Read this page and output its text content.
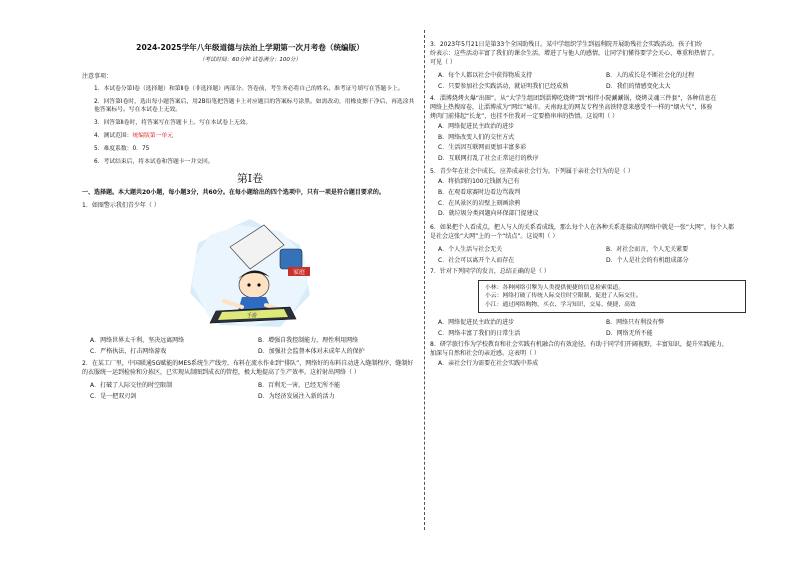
2024-2025学年八年级道德与法治上学期第一次月考卷（统编版）
（考试时间：60分钟 试卷满分：100分）
注意事项：

1．本试卷分第Ⅰ卷（选择题）和第Ⅱ卷（非选择题）两部分。答卷前，考生务必将自己的姓名、准考证号填写在答题卡上。

2．回答第Ⅰ卷时，选出每小题答案后，用2B铅笔把答题卡上对应题目的答案标号涂黑。如需改动，用橡皮擦干净后，再选涂其他答案标号。写在本试卷上无效。

3．回答第Ⅱ卷时，将答案写在答题卡上。写在本试卷上无效。

4．测试范围：统编版第一单元

5．难度系数：0．75

6．考试结束后，将本试卷和答题卡一并交回。

第Ⅰ卷

一、选择题。本大题共20小题，每小题3分，共60分。在每小题给出的四个选项中，只有一项是符合题目要求的。

1．如图警示我们青少年（ ）

家庭
手游
A．网络世界太千利，坚决远离网络	B．增强自我控制能力，理性利用网络
C．严格执法，打击网络游戏	D．加强社会监督本体对未成年人的保护

2．在某工厂里，中国联通5G赋能的MES系统生产线旁，布料在流水作业到“排队”，网络好的布料自动进入缝制程序，缝制好的衣服统一运到检验和分拣区，已实现从制图到成衣的管控，极大地提高了生产效率。这折射出网络（ ）

A．打破了人际交往的时空限制	B．百利无一害，已经无所不能
C．是一把双刃剑	D．为经济发展注入新的活力

3．2023年5月21日是第33个全国助残日。某中学组织学生到福利院开展助残社会实践活动。孩子们纷

纷表示：这些活动丰富了我们的课余生活，增进了与他人的感情，让同学们懂得要学会关心、尊重和热情了。

可见（ ）

A．每个人都以社会中获得物质支持	B．人的成长是不断社会化的过程
C．只要参加社会实践活动，就证明我们已经成熟	D．我们的情感变化太大

4．淄博烧烤火爆“出圈”。从“大学生组团到淄博吃烧烤”到“相伴小院涮涮锅，烧烤灵魂三件套”，各种信息在

网络上热搜席卷，让淄博成为“网红”城市。天南海北的网友专程坐高铁特意来感受不一样的“烟火气”，体验

烤肉门前排起“长龙”，也挂不住我对一定要撸串串的热情。这说明（ ）

A．网络促进民主政治的进步

B．网络改变人们的交往方式

C．生活因互联网而更加丰富多彩

D．互联网打乱了社会正常运行的秩序

5．青少年在社会中成长，应养成亲社会行为。下列属于亲社会行为的是（ ）

A．将拾到的100元钱据为己有

B．在观看球赛时边看边骂裁判

C．在风景区的岩壁上刻画涂鸦

D．就垃圾分类问题向环保部门提建议

6．如果把个人看成点，把人与人的关系看成线，那么每个人在各种关系连接成的网络中就是一张“大网”，每个人都

是社会这张“大网”上的一个“结点”。这说明（ ）

A．个人生活与社会无关	B．对社会而言，个人无关紧要
C．社会可以离开个人而存在	D．个人是社会的有机组成部分

7．针对下列同学的发言，总结正确的是（ ）

小林：各种网络引擎为人类提供便捷的信息检索渠道。

小云：网络打破了传统人际交往时空限制，促进了人际交往。

小江：通过网络购物，买衣、学习知识，交易、便捷、高效

A．网络促进民主政治的进步	B．网络只有利没有弊
C．网络丰富了我们的日常生活	D．网络无所不能

8．研学旅行作为学校教育和社会实践有机融合的有效途径，有助于同学们开阔视野，丰富知识，提升实践能力，

加深与自然和社会的亲近感。这表明（ ）

A．亲社会行为需要在社会实践中养成
